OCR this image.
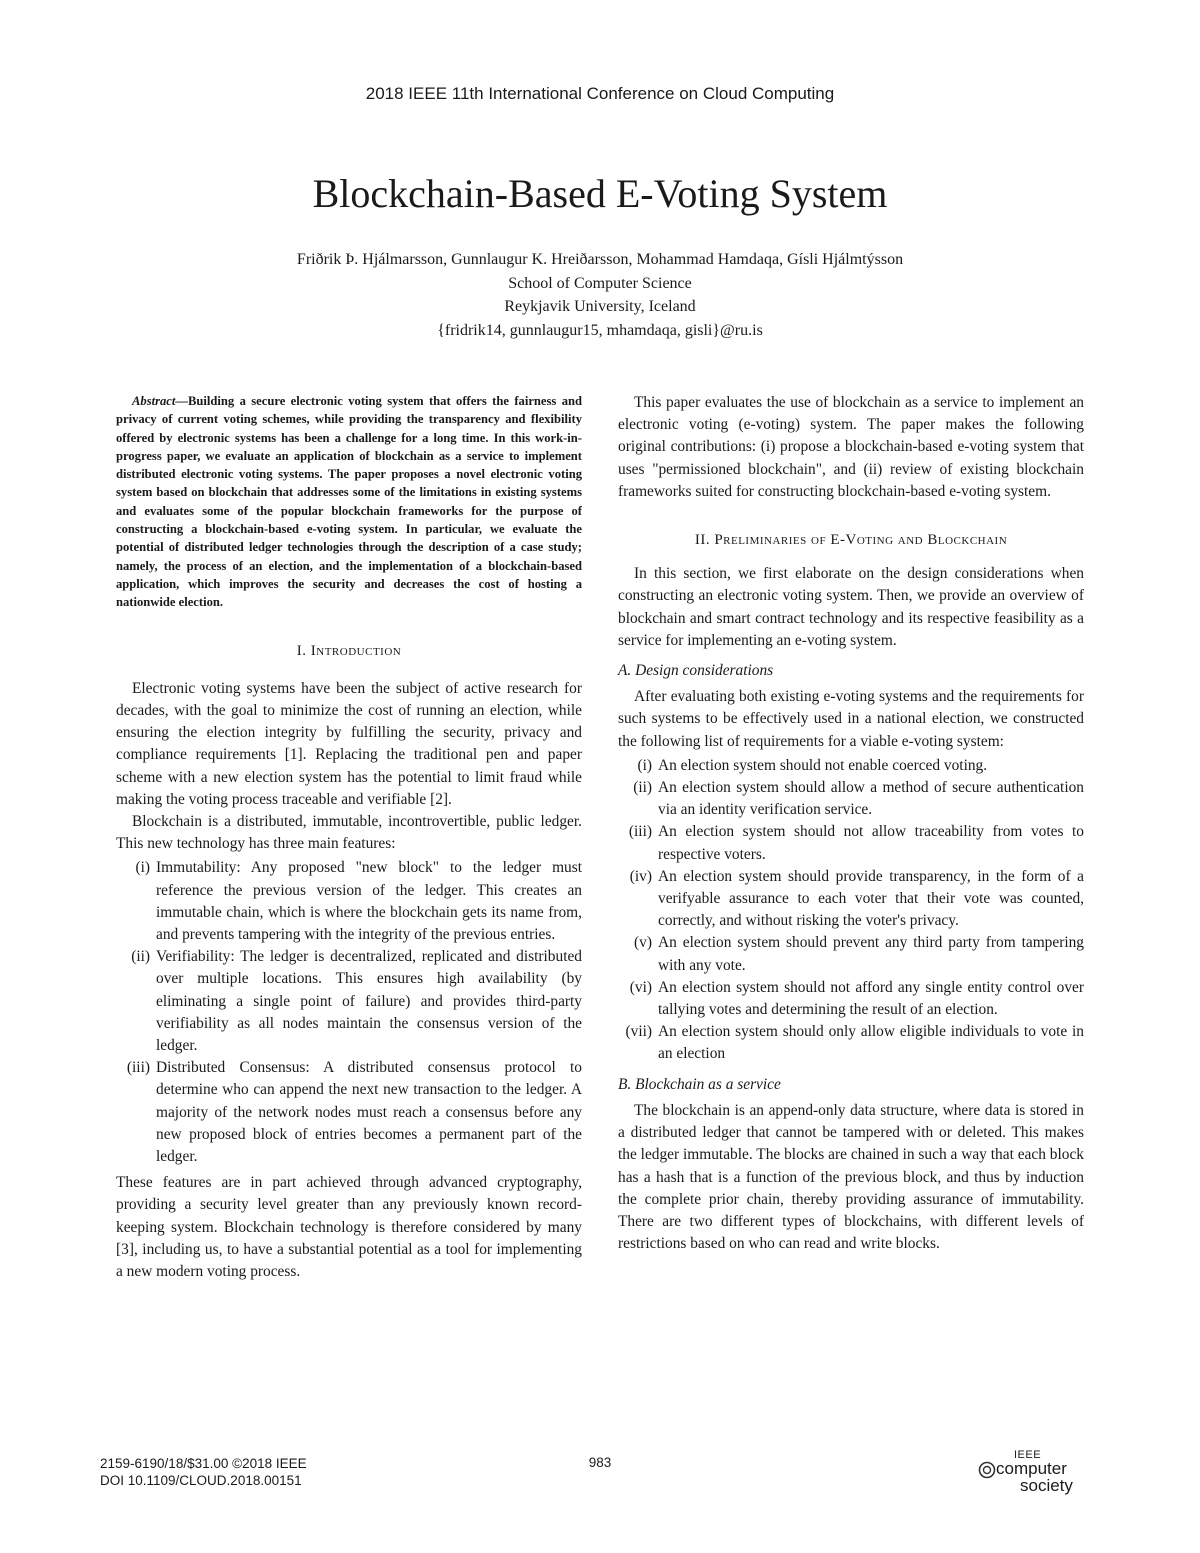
2018 IEEE 11th International Conference on Cloud Computing
Blockchain-Based E-Voting System
Friðrik Þ. Hjálmarsson, Gunnlaugur K. Hreiðarsson, Mohammad Hamdaqa, Gísli Hjálmtýsson
School of Computer Science
Reykjavik University, Iceland
{fridrik14, gunnlaugur15, mhamdaqa, gisli}@ru.is

Abstract—Building a secure electronic voting system that offers the fairness and privacy of current voting schemes, while providing the transparency and flexibility offered by electronic systems has been a challenge for a long time. In this work-in-progress paper, we evaluate an application of blockchain as a service to implement distributed electronic voting systems. The paper proposes a novel electronic voting system based on blockchain that addresses some of the limitations in existing systems and evaluates some of the popular blockchain frameworks for the purpose of constructing a blockchain-based e-voting system. In particular, we evaluate the potential of distributed ledger technologies through the description of a case study; namely, the process of an election, and the implementation of a blockchain-based application, which improves the security and decreases the cost of hosting a nationwide election.

I. Introduction

Electronic voting systems have been the subject of active research for decades, with the goal to minimize the cost of running an election, while ensuring the election integrity by fulfilling the security, privacy and compliance requirements [1]. Replacing the traditional pen and paper scheme with a new election system has the potential to limit fraud while making the voting process traceable and verifiable [2].

Blockchain is a distributed, immutable, incontrovertible, public ledger. This new technology has three main features:

(i) Immutability: Any proposed "new block" to the ledger must reference the previous version of the ledger. This creates an immutable chain, which is where the blockchain gets its name from, and prevents tampering with the integrity of the previous entries.
(ii) Verifiability: The ledger is decentralized, replicated and distributed over multiple locations. This ensures high availability (by eliminating a single point of failure) and provides third-party verifiability as all nodes maintain the consensus version of the ledger.
(iii) Distributed Consensus: A distributed consensus protocol to determine who can append the next new transaction to the ledger. A majority of the network nodes must reach a consensus before any new proposed block of entries becomes a permanent part of the ledger.

These features are in part achieved through advanced cryptography, providing a security level greater than any previously known record-keeping system. Blockchain technology is therefore considered by many [3], including us, to have a substantial potential as a tool for implementing a new modern voting process.

This paper evaluates the use of blockchain as a service to implement an electronic voting (e-voting) system. The paper makes the following original contributions: (i) propose a blockchain-based e-voting system that uses "permissioned blockchain", and (ii) review of existing blockchain frameworks suited for constructing blockchain-based e-voting system.

II. Preliminaries of E-Voting and Blockchain

In this section, we first elaborate on the design considerations when constructing an electronic voting system. Then, we provide an overview of blockchain and smart contract technology and its respective feasibility as a service for implementing an e-voting system.

A. Design considerations

After evaluating both existing e-voting systems and the requirements for such systems to be effectively used in a national election, we constructed the following list of requirements for a viable e-voting system:

(i) An election system should not enable coerced voting.
(ii) An election system should allow a method of secure authentication via an identity verification service.
(iii) An election system should not allow traceability from votes to respective voters.
(iv) An election system should provide transparency, in the form of a verifyable assurance to each voter that their vote was counted, correctly, and without risking the voter's privacy.
(v) An election system should prevent any third party from tampering with any vote.
(vi) An election system should not afford any single entity control over tallying votes and determining the result of an election.
(vii) An election system should only allow eligible individuals to vote in an election
B. Blockchain as a service

The blockchain is an append-only data structure, where data is stored in a distributed ledger that cannot be tampered with or deleted. This makes the ledger immutable. The blocks are chained in such a way that each block has a hash that is a function of the previous block, and thus by induction the complete prior chain, thereby providing assurance of immutability. There are two different types of blockchains, with different levels of restrictions based on who can read and write blocks.

2159-6190/18/$31.00 ©2018 IEEE
DOI 10.1109/CLOUD.2018.00151
983	IEEE
computer
society
